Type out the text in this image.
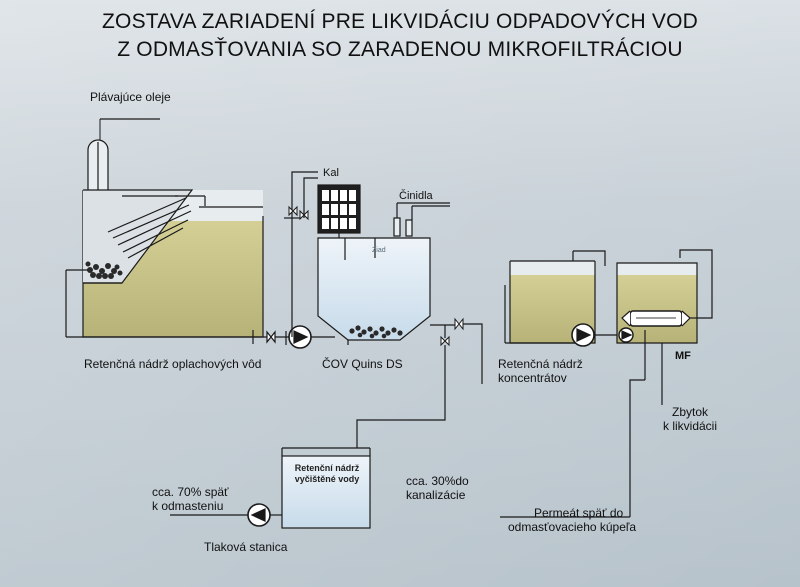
Ziad
ZOSTAVA ZARIADENÍ PRE LIKVIDÁCIU ODPADOVÝCH VOD
Z ODMASŤOVANIA SO ZARADENOU MIKROFILTRÁCIOU
Plávajúce oleje
Kal
Činidla
Retenčná nádrž oplachových vôd	ČOV Quins DS	Retenčná nádrž
koncentrátov
MF
Zbytok
k likvidácii
Retenční nádrž
vyčištěné vody	cca. 30%do
kanalizácie
cca. 70% späť
k odmasteniu
Tlaková stanica
Permeát späť do
odmasťovacieho kúpeľa
